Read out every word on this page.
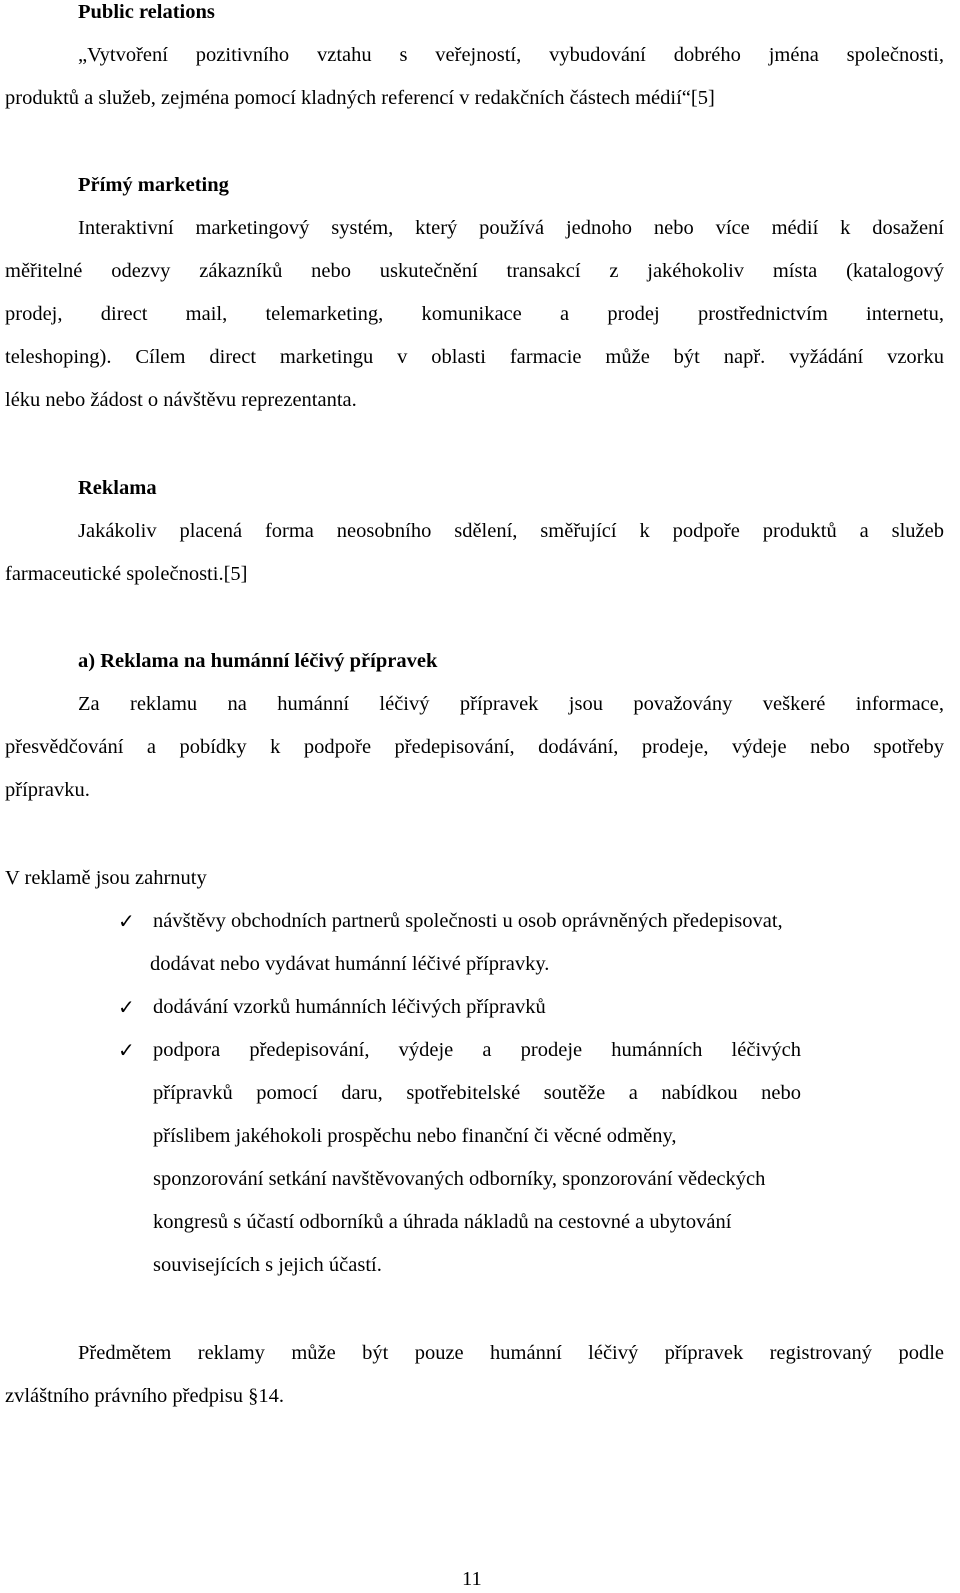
Public relations
„Vytvoření pozitivního vztahu s veřejností, vybudování dobrého jména společnosti,
produktů a služeb, zejména pomocí kladných referencí v redakčních částech médií“[5]
Přímý marketing
Interaktivní marketingový systém, který používá jednoho nebo více médií k dosažení
měřitelné odezvy zákazníků nebo uskutečnění transakcí z jakéhokoliv místa (katalogový
prodej, direct mail, telemarketing, komunikace a prodej prostřednictvím internetu,
teleshoping). Cílem direct marketingu v oblasti farmacie může být např. vyžádání vzorku
léku nebo žádost o návštěvu reprezentanta.
Reklama
Jakákoliv placená forma neosobního sdělení, směřující k podpoře produktů a služeb
farmaceutické společnosti.[5]
a) Reklama na humánní léčivý přípravek
Za reklamu na humánní léčivý přípravek jsou považovány veškeré informace,
přesvědčování a pobídky k podpoře předepisování, dodávání, prodeje, výdeje nebo spotřeby
přípravku.
V reklamě jsou zahrnuty
✓ návštěvy obchodních partnerů společnosti u osob oprávněných předepisovat,
dodávat nebo vydávat humánní léčivé přípravky.
✓ dodávání vzorků humánních léčivých přípravků
✓ podpora předepisování, výdeje a prodeje humánních léčivých
přípravků pomocí daru, spotřebitelské soutěže a nabídkou nebo
příslibem jakéhokoli prospěchu nebo finanční či věcné odměny,
sponzorování setkání navštěvovaných odborníky, sponzorování vědeckých
kongresů s účastí odborníků a úhrada nákladů na cestovné a ubytování
souvisejících s jejich účastí.
Předmětem reklamy může být pouze humánní léčivý přípravek registrovaný podle
zvláštního právního předpisu §14.
11
